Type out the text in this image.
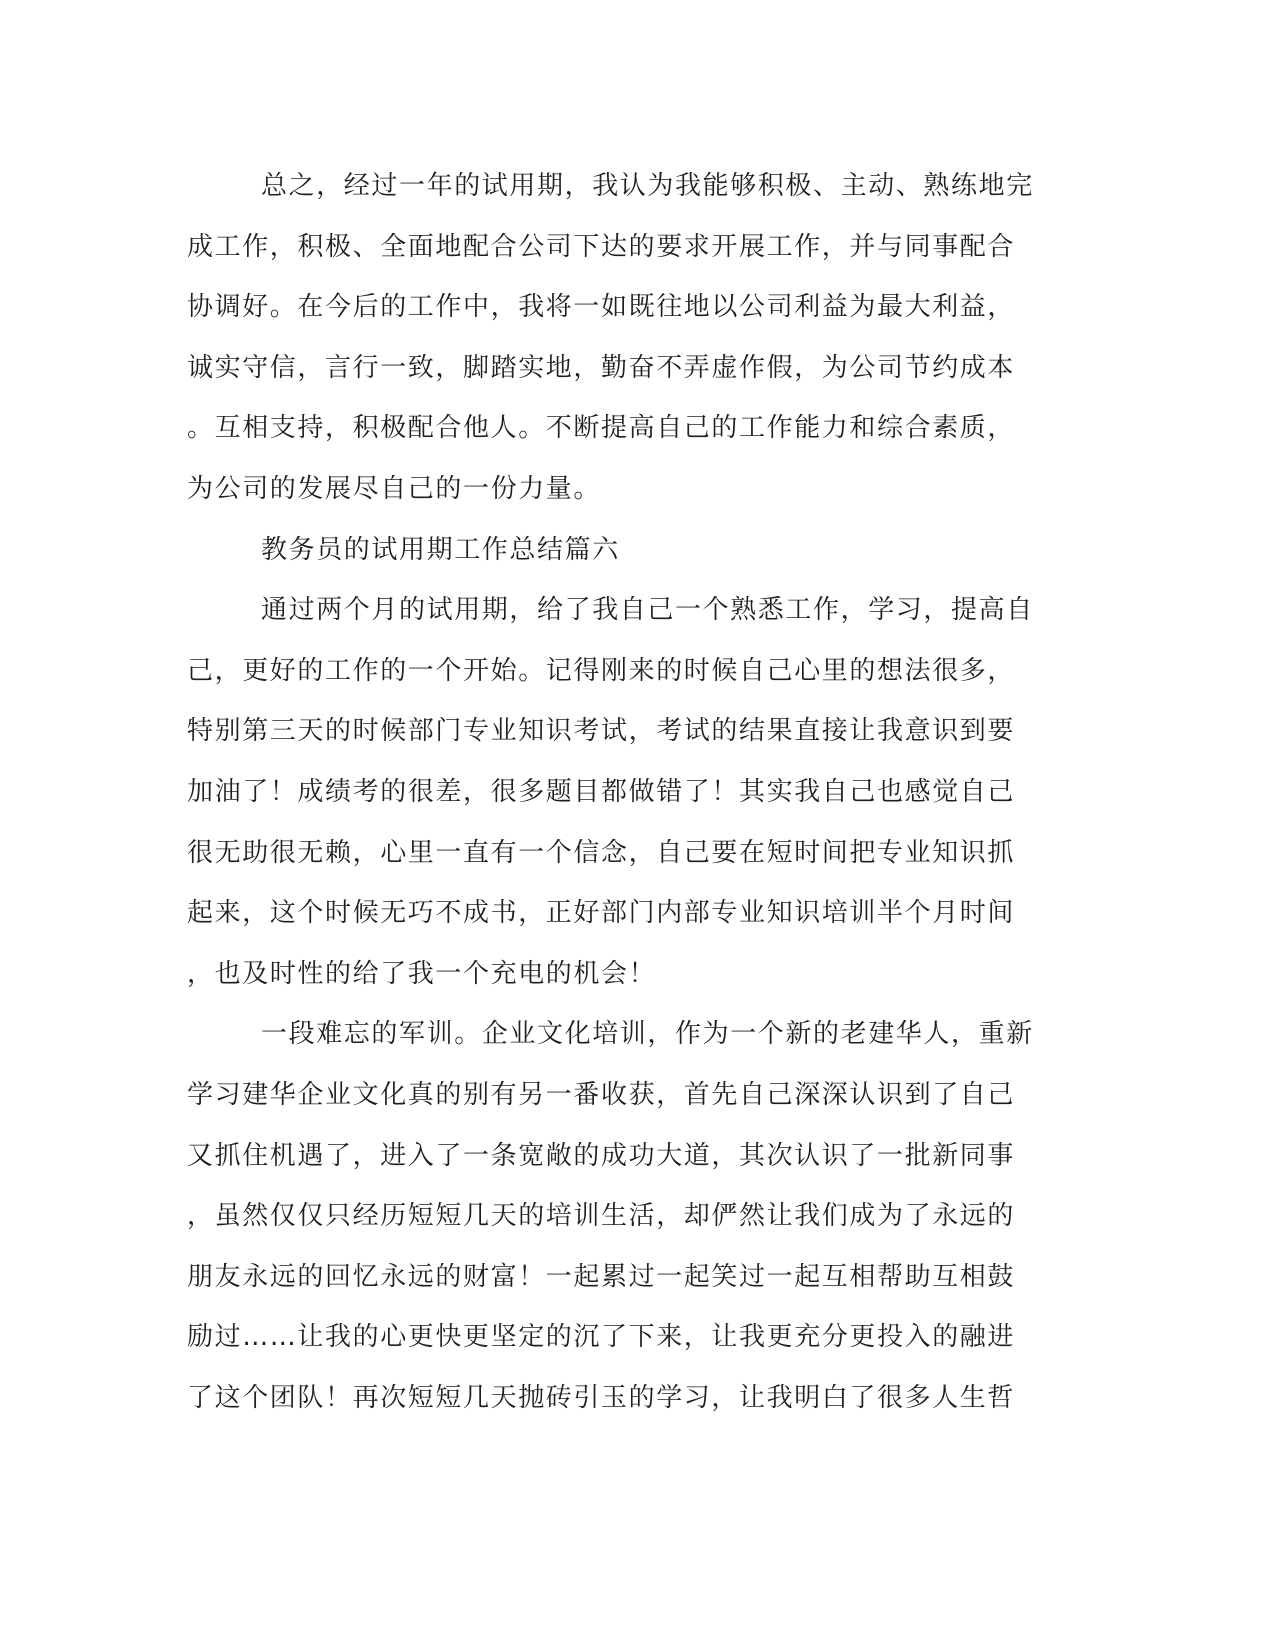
总之，经过一年的试用期，我认为我能够积极、主动、熟练地完
成工作，积极、全面地配合公司下达的要求开展工作，并与同事配合
协调好。在今后的工作中，我将一如既往地以公司利益为最大利益，
诚实守信，言行一致，脚踏实地，勤奋不弄虚作假，为公司节约成本
。互相支持，积极配合他人。不断提高自己的工作能力和综合素质，
为公司的发展尽自己的一份力量。
教务员的试用期工作总结篇六
通过两个月的试用期，给了我自己一个熟悉工作，学习，提高自
己，更好的工作的一个开始。记得刚来的时候自己心里的想法很多，
特别第三天的时候部门专业知识考试，考试的结果直接让我意识到要
加油了！成绩考的很差，很多题目都做错了！其实我自己也感觉自己
很无助很无赖，心里一直有一个信念，自己要在短时间把专业知识抓
起来，这个时候无巧不成书，正好部门内部专业知识培训半个月时间
，也及时性的给了我一个充电的机会！
一段难忘的军训。企业文化培训，作为一个新的老建华人，重新
学习建华企业文化真的别有另一番收获，首先自己深深认识到了自己
又抓住机遇了，进入了一条宽敞的成功大道，其次认识了一批新同事
，虽然仅仅只经历短短几天的培训生活，却俨然让我们成为了永远的
朋友永远的回忆永远的财富！一起累过一起笑过一起互相帮助互相鼓
励过……让我的心更快更坚定的沉了下来，让我更充分更投入的融进
了这个团队！再次短短几天抛砖引玉的学习，让我明白了很多人生哲
